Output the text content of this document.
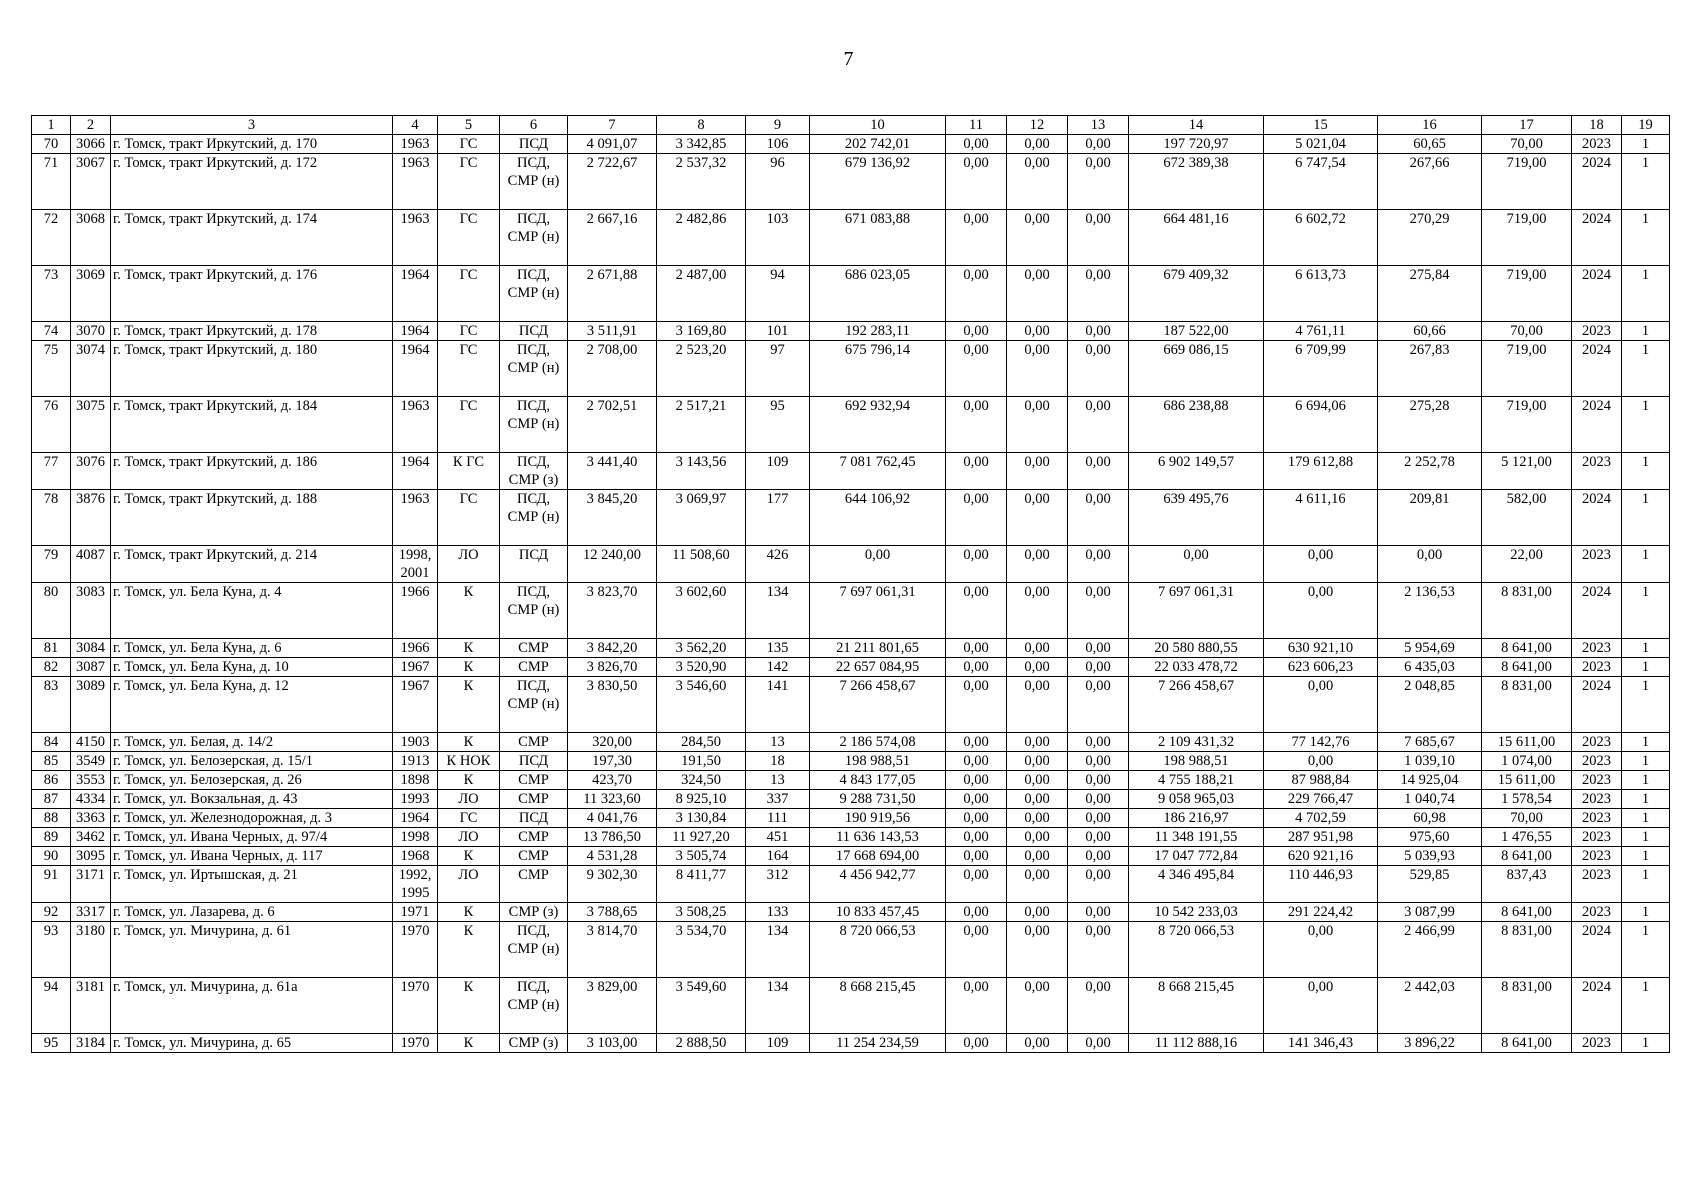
7
1	2	3	4	5	6	7	8	9	10	11	12	13	14	15	16	17	18	19
70	3066	г. Томск, тракт Иркутский, д. 170	1963	ГС	ПСД	4 091,07	3 342,85	106	202 742,01	0,00	0,00	0,00	197 720,97	5 021,04	60,65	70,00	2023	1
71	3067	г. Томск, тракт Иркутский, д. 172	1963	ГС	ПСД,
СМР (н)	2 722,67	2 537,32	96	679 136,92	0,00	0,00	0,00	672 389,38	6 747,54	267,66	719,00	2024	1
72	3068	г. Томск, тракт Иркутский, д. 174	1963	ГС	ПСД,
СМР (н)	2 667,16	2 482,86	103	671 083,88	0,00	0,00	0,00	664 481,16	6 602,72	270,29	719,00	2024	1
73	3069	г. Томск, тракт Иркутский, д. 176	1964	ГС	ПСД,
СМР (н)	2 671,88	2 487,00	94	686 023,05	0,00	0,00	0,00	679 409,32	6 613,73	275,84	719,00	2024	1
74	3070	г. Томск, тракт Иркутский, д. 178	1964	ГС	ПСД	3 511,91	3 169,80	101	192 283,11	0,00	0,00	0,00	187 522,00	4 761,11	60,66	70,00	2023	1
75	3074	г. Томск, тракт Иркутский, д. 180	1964	ГС	ПСД,
СМР (н)	2 708,00	2 523,20	97	675 796,14	0,00	0,00	0,00	669 086,15	6 709,99	267,83	719,00	2024	1
76	3075	г. Томск, тракт Иркутский, д. 184	1963	ГС	ПСД,
СМР (н)	2 702,51	2 517,21	95	692 932,94	0,00	0,00	0,00	686 238,88	6 694,06	275,28	719,00	2024	1
77	3076	г. Томск, тракт Иркутский, д. 186	1964	К ГС	ПСД,
СМР (з)	3 441,40	3 143,56	109	7 081 762,45	0,00	0,00	0,00	6 902 149,57	179 612,88	2 252,78	5 121,00	2023	1
78	3876	г. Томск, тракт Иркутский, д. 188	1963	ГС	ПСД,
СМР (н)	3 845,20	3 069,97	177	644 106,92	0,00	0,00	0,00	639 495,76	4 611,16	209,81	582,00	2024	1
79	4087	г. Томск, тракт Иркутский, д. 214	1998,
2001	ЛО	ПСД	12 240,00	11 508,60	426	0,00	0,00	0,00	0,00	0,00	0,00	0,00	22,00	2023	1
80	3083	г. Томск, ул. Бела Куна, д. 4	1966	К	ПСД,
СМР (н)	3 823,70	3 602,60	134	7 697 061,31	0,00	0,00	0,00	7 697 061,31	0,00	2 136,53	8 831,00	2024	1
81	3084	г. Томск, ул. Бела Куна, д. 6	1966	К	СМР	3 842,20	3 562,20	135	21 211 801,65	0,00	0,00	0,00	20 580 880,55	630 921,10	5 954,69	8 641,00	2023	1
82	3087	г. Томск, ул. Бела Куна, д. 10	1967	К	СМР	3 826,70	3 520,90	142	22 657 084,95	0,00	0,00	0,00	22 033 478,72	623 606,23	6 435,03	8 641,00	2023	1
83	3089	г. Томск, ул. Бела Куна, д. 12	1967	К	ПСД,
СМР (н)	3 830,50	3 546,60	141	7 266 458,67	0,00	0,00	0,00	7 266 458,67	0,00	2 048,85	8 831,00	2024	1
84	4150	г. Томск, ул. Белая, д. 14/2	1903	К	СМР	320,00	284,50	13	2 186 574,08	0,00	0,00	0,00	2 109 431,32	77 142,76	7 685,67	15 611,00	2023	1
85	3549	г. Томск, ул. Белозерская, д. 15/1	1913	К НОК	ПСД	197,30	191,50	18	198 988,51	0,00	0,00	0,00	198 988,51	0,00	1 039,10	1 074,00	2023	1
86	3553	г. Томск, ул. Белозерская, д. 26	1898	К	СМР	423,70	324,50	13	4 843 177,05	0,00	0,00	0,00	4 755 188,21	87 988,84	14 925,04	15 611,00	2023	1
87	4334	г. Томск, ул. Вокзальная, д. 43	1993	ЛО	СМР	11 323,60	8 925,10	337	9 288 731,50	0,00	0,00	0,00	9 058 965,03	229 766,47	1 040,74	1 578,54	2023	1
88	3363	г. Томск, ул. Железнодорожная, д. 3	1964	ГС	ПСД	4 041,76	3 130,84	111	190 919,56	0,00	0,00	0,00	186 216,97	4 702,59	60,98	70,00	2023	1
89	3462	г. Томск, ул. Ивана Черных, д. 97/4	1998	ЛО	СМР	13 786,50	11 927,20	451	11 636 143,53	0,00	0,00	0,00	11 348 191,55	287 951,98	975,60	1 476,55	2023	1
90	3095	г. Томск, ул. Ивана Черных, д. 117	1968	К	СМР	4 531,28	3 505,74	164	17 668 694,00	0,00	0,00	0,00	17 047 772,84	620 921,16	5 039,93	8 641,00	2023	1
91	3171	г. Томск, ул. Иртышская, д. 21	1992,
1995	ЛО	СМР	9 302,30	8 411,77	312	4 456 942,77	0,00	0,00	0,00	4 346 495,84	110 446,93	529,85	837,43	2023	1
92	3317	г. Томск, ул. Лазарева, д. 6	1971	К	СМР (з)	3 788,65	3 508,25	133	10 833 457,45	0,00	0,00	0,00	10 542 233,03	291 224,42	3 087,99	8 641,00	2023	1
93	3180	г. Томск, ул. Мичурина, д. 61	1970	К	ПСД,
СМР (н)	3 814,70	3 534,70	134	8 720 066,53	0,00	0,00	0,00	8 720 066,53	0,00	2 466,99	8 831,00	2024	1
94	3181	г. Томск, ул. Мичурина, д. 61а	1970	К	ПСД,
СМР (н)	3 829,00	3 549,60	134	8 668 215,45	0,00	0,00	0,00	8 668 215,45	0,00	2 442,03	8 831,00	2024	1
95	3184	г. Томск, ул. Мичурина, д. 65	1970	К	СМР (з)	3 103,00	2 888,50	109	11 254 234,59	0,00	0,00	0,00	11 112 888,16	141 346,43	3 896,22	8 641,00	2023	1
